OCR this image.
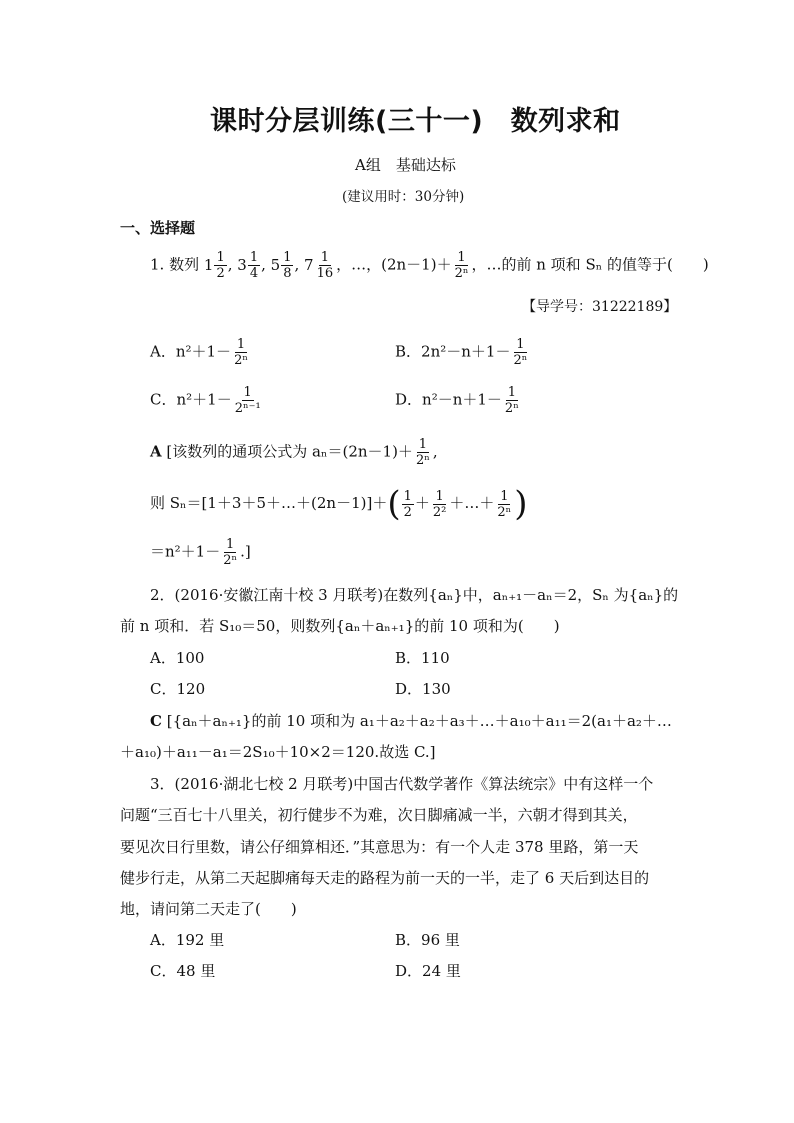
课时分层训练(三十一)　数列求和
A组　基础达标
(建议用时：30分钟)
一、选择题
1. 数列 $1 \frac{1}{2}$ , $3 \frac{1}{4}$ , $5 \frac{1}{8}$ , $7 \frac{1}{16}$ ，…，$(2n-1)+ \frac{1}{\text{2ⁿ}}$ ，…的前 n 项和 Sₙ 的值等于(　　)
【导学号：31222189】
A．$n^2+1- \frac{1}{\text{2ⁿ}}$	B．$2n^2-n+1- \frac{1}{\text{2ⁿ}}$
C．$n^2+1- \frac{1}{\text{2ⁿ⁻¹}}$	D．$n^2-n+1- \frac{1}{\text{2ⁿ}}$
A [该数列的通项公式为 $a_n=(2n-1)+ \frac{1}{\text{2ⁿ}}$ ,
则 Sₙ＝[1＋3＋5＋…＋(2n－1)]＋( $\frac{1}{2} + \frac{1}{\text{2²}}$ ＋…＋ $\frac{1}{\text{2ⁿ}}$ )
$=n^2+1- \frac{1}{\text{2ⁿ}}$ .]
2．(2016·安徽江南十校 3 月联考)在数列{aₙ}中，aₙ₊₁－aₙ＝2，Sₙ 为{aₙ}的
前 n 项和．若 S₁₀＝50，则数列{aₙ＋aₙ₊₁}的前 10 项和为(　　)
A．100	B．110
C．120	D．130
C [{aₙ＋aₙ₊₁}的前 10 项和为 a₁＋a₂＋a₂＋a₃＋…＋a₁₀＋a₁₁＝2(a₁＋a₂＋…
＋a₁₀)＋a₁₁－a₁＝2S₁₀＋10×2＝120.故选 C.]
3．(2016·湖北七校 2 月联考)中国古代数学著作《算法统宗》中有这样一个
问题“三百七十八里关，初行健步不为难，次日脚痛减一半，六朝才得到其关，
要见次日行里数，请公仔细算相还．”其意思为：有一个人走 378 里路，第一天
健步行走，从第二天起脚痛每天走的路程为前一天的一半，走了 6 天后到达目的
地，请问第二天走了(　　)
A．192 里	B．96 里
C．48 里	D．24 里
